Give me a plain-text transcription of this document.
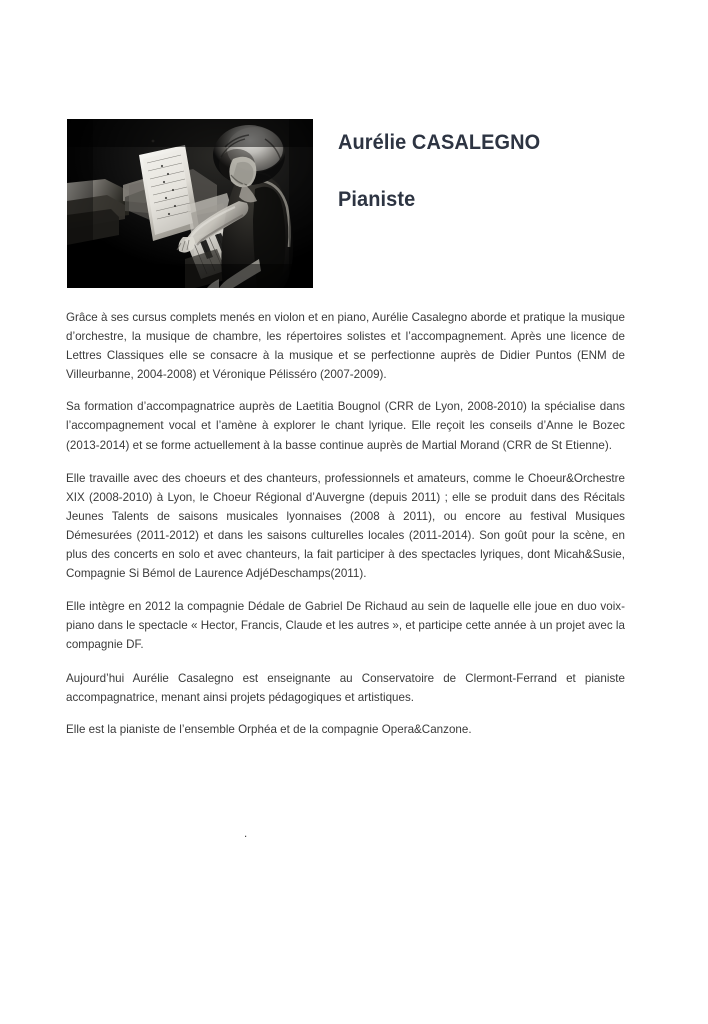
Aurélie CASALEGNO
Pianiste

Grâce à ses cursus complets menés en violon et en piano, Aurélie Casalegno aborde et pratique la musique d’orchestre, la musique de chambre, les répertoires solistes et l’accompagnement. Après une licence de Lettres Classiques elle se consacre à la musique et se perfectionne auprès de Didier Puntos (ENM de Villeurbanne, 2004-2008) et Véronique Pélisséro (2007-2009).

Sa formation d’accompagnatrice auprès de Laetitia Bougnol (CRR de Lyon, 2008-2010) la spécialise dans l’accompagnement vocal et l’amène à explorer le chant lyrique. Elle reçoit les conseils d’Anne le Bozec (2013-2014) et se forme actuellement à la basse continue auprès de Martial Morand (CRR de St Etienne).

Elle travaille avec des choeurs et des chanteurs, professionnels et amateurs, comme le Choeur&Orchestre XIX (2008-2010) à Lyon, le Choeur Régional d’Auvergne (depuis 2011) ; elle se produit dans des Récitals Jeunes Talents de saisons musicales lyonnaises (2008 à 2011), ou encore au festival Musiques Démesurées (2011-2012) et dans les saisons culturelles locales (2011-2014). Son goût pour la scène, en plus des concerts en solo et avec chanteurs, la fait participer à des spectacles lyriques, dont Micah&Susie, Compagnie Si Bémol de Laurence AdjéDeschamps(2011).

Elle intègre en 2012 la compagnie Dédale de Gabriel De Richaud au sein de laquelle elle joue en duo voix-piano dans le spectacle « Hector, Francis, Claude et les autres », et participe cette année à un projet avec la compagnie DF.

Aujourd’hui Aurélie Casalegno est enseignante au Conservatoire de Clermont-Ferrand et pianiste accompagnatrice, menant ainsi projets pédagogiques et artistiques.

Elle est la pianiste de l’ensemble Orphéa et de la compagnie Opera&Canzone.

.
